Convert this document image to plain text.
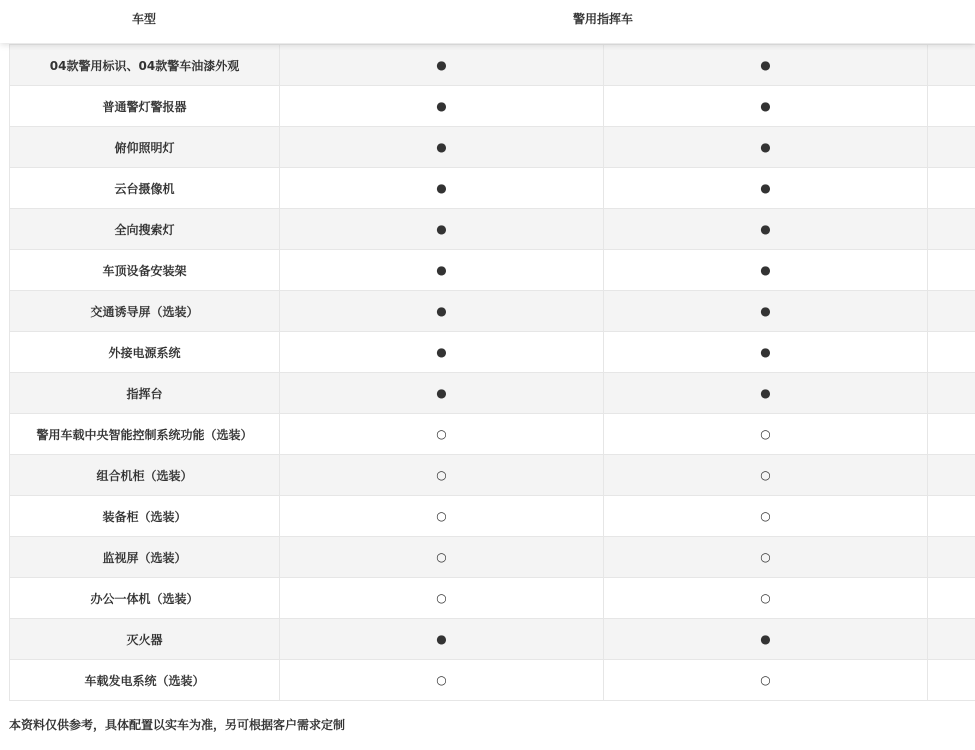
车型	警用指挥车
04款警用标识、04款警车油漆外观	●	●	
普通警灯警报器	●	●	
俯仰照明灯	●	●	
云台摄像机	●	●	
全向搜索灯	●	●	
车顶设备安装架	●	●	
交通诱导屏（选装）	●	●	
外接电源系统	●	●	
指挥台	●	●	
警用车载中央智能控制系统功能（选装）	○	○	
组合机柜（选装）	○	○	
装备柜（选装）	○	○	
监视屏（选装）	○	○	
办公一体机（选装）	○	○	
灭火器	●	●	
车载发电系统（选装）	○	○	
本资料仅供参考，具体配置以实车为准，另可根据客户需求定制
